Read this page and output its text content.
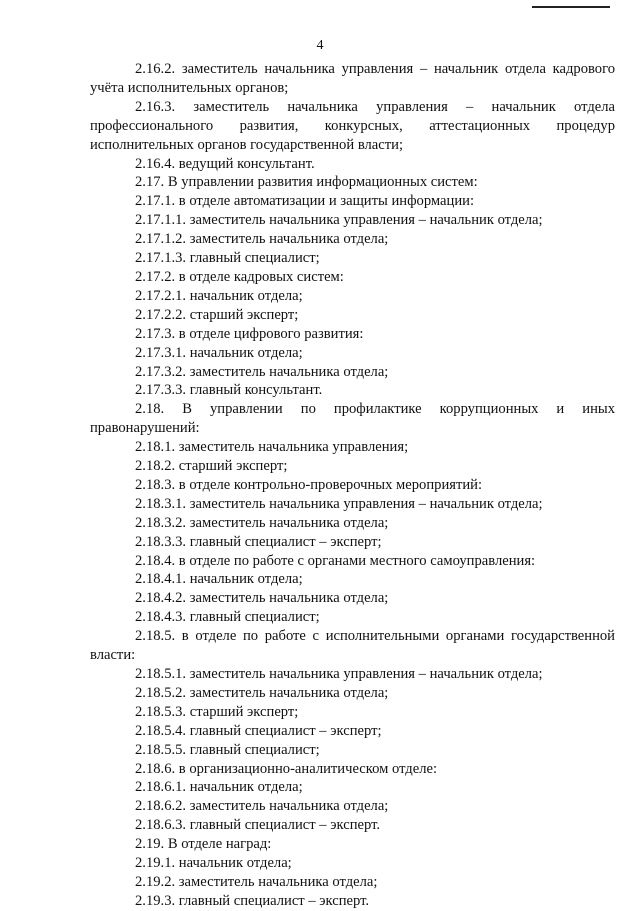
4

2.16.2. заместитель начальника управления – начальник отдела кадрового учёта исполнительных органов;

2.16.3. заместитель начальника управления – начальник отдела профессионального развития, конкурсных, аттестационных процедур исполнительных органов государственной власти;

2.16.4. ведущий консультант.

2.17. В управлении развития информационных систем:

2.17.1. в отделе автоматизации и защиты информации:

2.17.1.1. заместитель начальника управления – начальник отдела;

2.17.1.2. заместитель начальника отдела;

2.17.1.3. главный специалист;

2.17.2. в отделе кадровых систем:

2.17.2.1. начальник отдела;

2.17.2.2. старший эксперт;

2.17.3. в отделе цифрового развития:

2.17.3.1. начальник отдела;

2.17.3.2. заместитель начальника отдела;

2.17.3.3. главный консультант.

2.18. В управлении по профилактике коррупционных и иных правонарушений:

2.18.1. заместитель начальника управления;

2.18.2. старший эксперт;

2.18.3. в отделе контрольно-проверочных мероприятий:

2.18.3.1. заместитель начальника управления – начальник отдела;

2.18.3.2. заместитель начальника отдела;

2.18.3.3. главный специалист – эксперт;

2.18.4. в отделе по работе с органами местного самоуправления:

2.18.4.1. начальник отдела;

2.18.4.2. заместитель начальника отдела;

2.18.4.3. главный специалист;

2.18.5. в отделе по работе с исполнительными органами государственной власти:

2.18.5.1. заместитель начальника управления – начальник отдела;

2.18.5.2. заместитель начальника отдела;

2.18.5.3. старший эксперт;

2.18.5.4. главный специалист – эксперт;

2.18.5.5. главный специалист;

2.18.6. в организационно-аналитическом отделе:

2.18.6.1. начальник отдела;

2.18.6.2. заместитель начальника отдела;

2.18.6.3. главный специалист – эксперт.

2.19. В отделе наград:

2.19.1. начальник отдела;

2.19.2. заместитель начальника отдела;

2.19.3. главный специалист – эксперт.
